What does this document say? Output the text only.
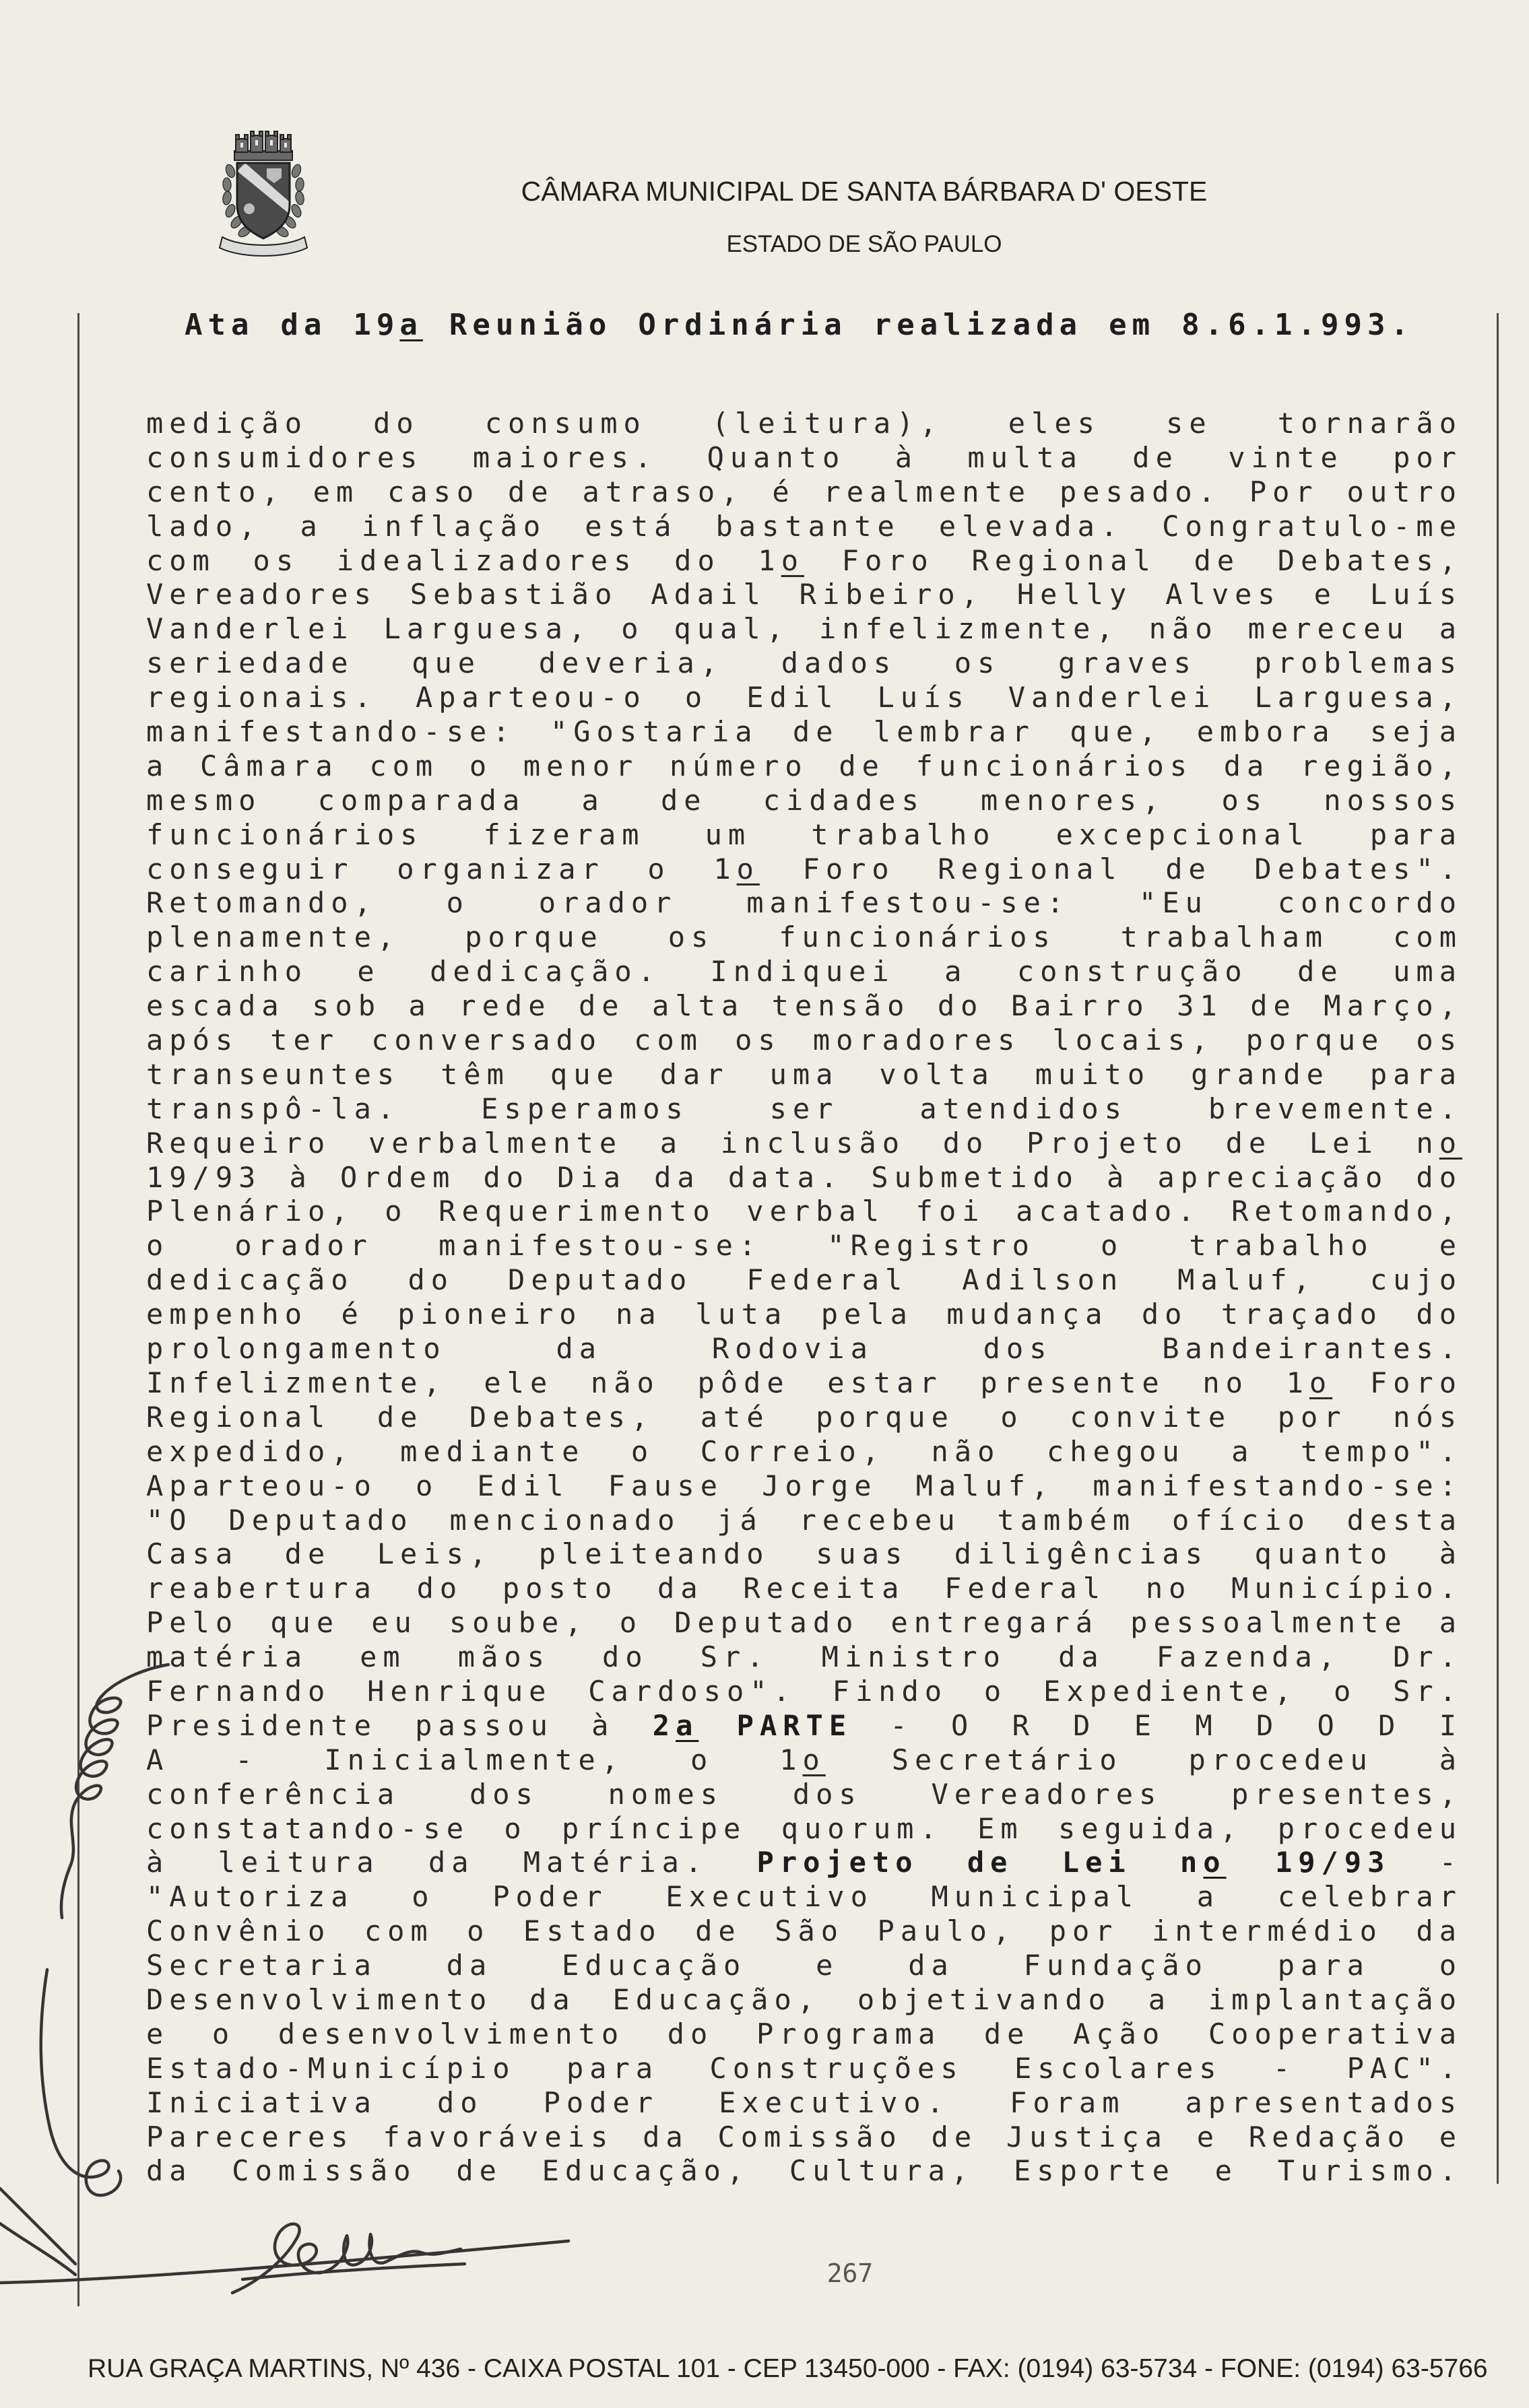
CÂMARA MUNICIPAL DE SANTA BÁRBARA D' OESTE
ESTADO DE SÃO PAULO
Ata da 19a Reunião Ordinária realizada em 8.6.1.993.
medição do consumo (leitura), eles se tornarão
consumidores maiores. Quanto à multa de vinte por
cento, em caso de atraso, é realmente pesado. Por outro
lado, a inflação está bastante elevada. Congratulo-me
com os idealizadores do 1o Foro Regional de Debates,
Vereadores Sebastião Adail Ribeiro, Helly Alves e Luís
Vanderlei Larguesa, o qual, infelizmente, não mereceu a
seriedade que deveria, dados os graves problemas
regionais. Aparteou-o o Edil Luís Vanderlei Larguesa,
manifestando-se: "Gostaria de lembrar que, embora seja
a Câmara com o menor número de funcionários da região,
mesmo comparada a de cidades menores, os nossos
funcionários fizeram um trabalho excepcional para
conseguir organizar o 1o Foro Regional de Debates".
Retomando, o orador manifestou-se: "Eu concordo
plenamente, porque os funcionários trabalham com
carinho e dedicação. Indiquei a construção de uma
escada sob a rede de alta tensão do Bairro 31 de Março,
após ter conversado com os moradores locais, porque os
transeuntes têm que dar uma volta muito grande para
transpô-la. Esperamos ser atendidos brevemente.
Requeiro verbalmente a inclusão do Projeto de Lei no
19/93 à Ordem do Dia da data. Submetido à apreciação do
Plenário, o Requerimento verbal foi acatado. Retomando,
o orador manifestou-se: "Registro o trabalho e
dedicação do Deputado Federal Adilson Maluf, cujo
empenho é pioneiro na luta pela mudança do traçado do
prolongamento da Rodovia dos Bandeirantes.
Infelizmente, ele não pôde estar presente no 1o Foro
Regional de Debates, até porque o convite por nós
expedido, mediante o Correio, não chegou a tempo".
Aparteou-o o Edil Fause Jorge Maluf, manifestando-se:
"O Deputado mencionado já recebeu também ofício desta
Casa de Leis, pleiteando suas diligências quanto à
reabertura do posto da Receita Federal no Município.
Pelo que eu soube, o Deputado entregará pessoalmente a
matéria em mãos do Sr. Ministro da Fazenda, Dr.
Fernando Henrique Cardoso". Findo o Expediente, o Sr.
Presidente passou à 2a PARTE - O R D E M D O D I
A - Inicialmente, o 1o Secretário procedeu à
conferência dos nomes dos Vereadores presentes,
constatando-se o príncipe quorum. Em seguida, procedeu
à leitura da Matéria. Projeto de Lei no 19/93 -
"Autoriza o Poder Executivo Municipal a celebrar
Convênio com o Estado de São Paulo, por intermédio da
Secretaria da Educação e da Fundação para o
Desenvolvimento da Educação, objetivando a implantação
e o desenvolvimento do Programa de Ação Cooperativa
Estado-Município para Construções Escolares - PAC".
Iniciativa do Poder Executivo. Foram apresentados
Pareceres favoráveis da Comissão de Justiça e Redação e
da Comissão de Educação, Cultura, Esporte e Turismo.
267
RUA GRAÇA MARTINS, Nº 436 - CAIXA POSTAL 101 - CEP 13450-000 - FAX: (0194) 63-5734 - FONE: (0194) 63-5766
